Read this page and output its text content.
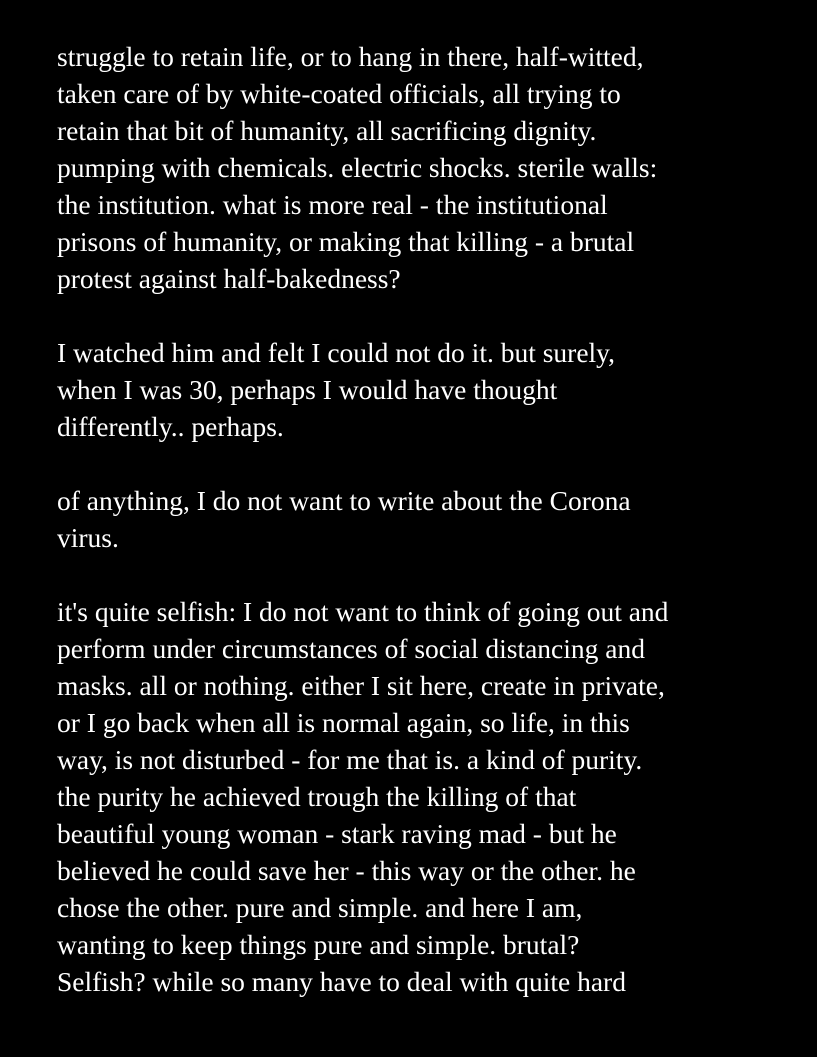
struggle to retain life, or to hang in there, half-witted,
taken care of by white-coated officials, all trying to
retain that bit of humanity, all sacrificing dignity.
pumping with chemicals. electric shocks. sterile walls:
the institution. what is more real - the institutional
prisons of humanity, or making that killing - a brutal
protest against half-bakedness?

I watched him and felt I could not do it. but surely,
when I was 30, perhaps I would have thought
differently.. perhaps.

of anything, I do not want to write about the Corona
virus.

it's quite selfish: I do not want to think of going out and
perform under circumstances of social distancing and
masks. all or nothing. either I sit here, create in private,
or I go back when all is normal again, so life, in this
way, is not disturbed - for me that is. a kind of purity.
the purity he achieved trough the killing of that
beautiful young woman - stark raving mad - but he
believed he could save her - this way or the other. he
chose the other. pure and simple. and here I am,
wanting to keep things pure and simple. brutal?
Selfish? while so many have to deal with quite hard
